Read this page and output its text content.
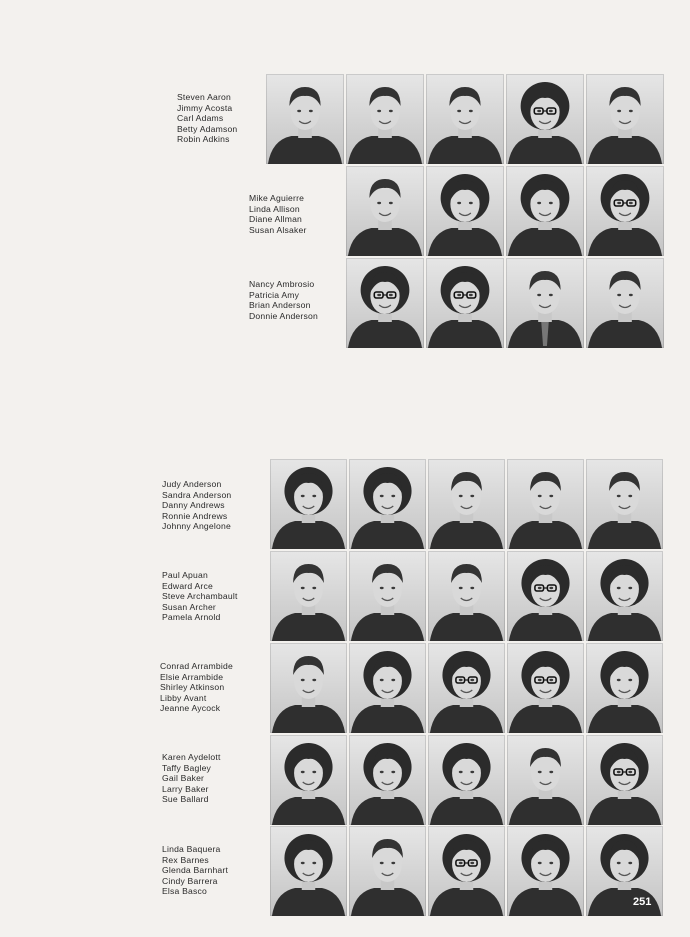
Steven Aaron
Jimmy Acosta
Carl Adams
Betty Adamson
Robin Adkins
Mike Aguierre
Linda Allison
Diane Allman
Susan Alsaker
Nancy Ambrosio
Patricia Amy
Brian Anderson
Donnie Anderson
Judy Anderson
Sandra Anderson
Danny Andrews
Ronnie Andrews
Johnny Angelone
Paul Apuan
Edward Arce
Steve Archambault
Susan Archer
Pamela Arnold
Conrad Arrambide
Elsie Arrambide
Shirley Atkinson
Libby Avant
Jeanne Aycock
Karen Aydelott
Taffy Bagley
Gail Baker
Larry Baker
Sue Ballard
Linda Baquera
Rex Barnes
Glenda Barnhart
Cindy Barrera
Elsa Basco
251
